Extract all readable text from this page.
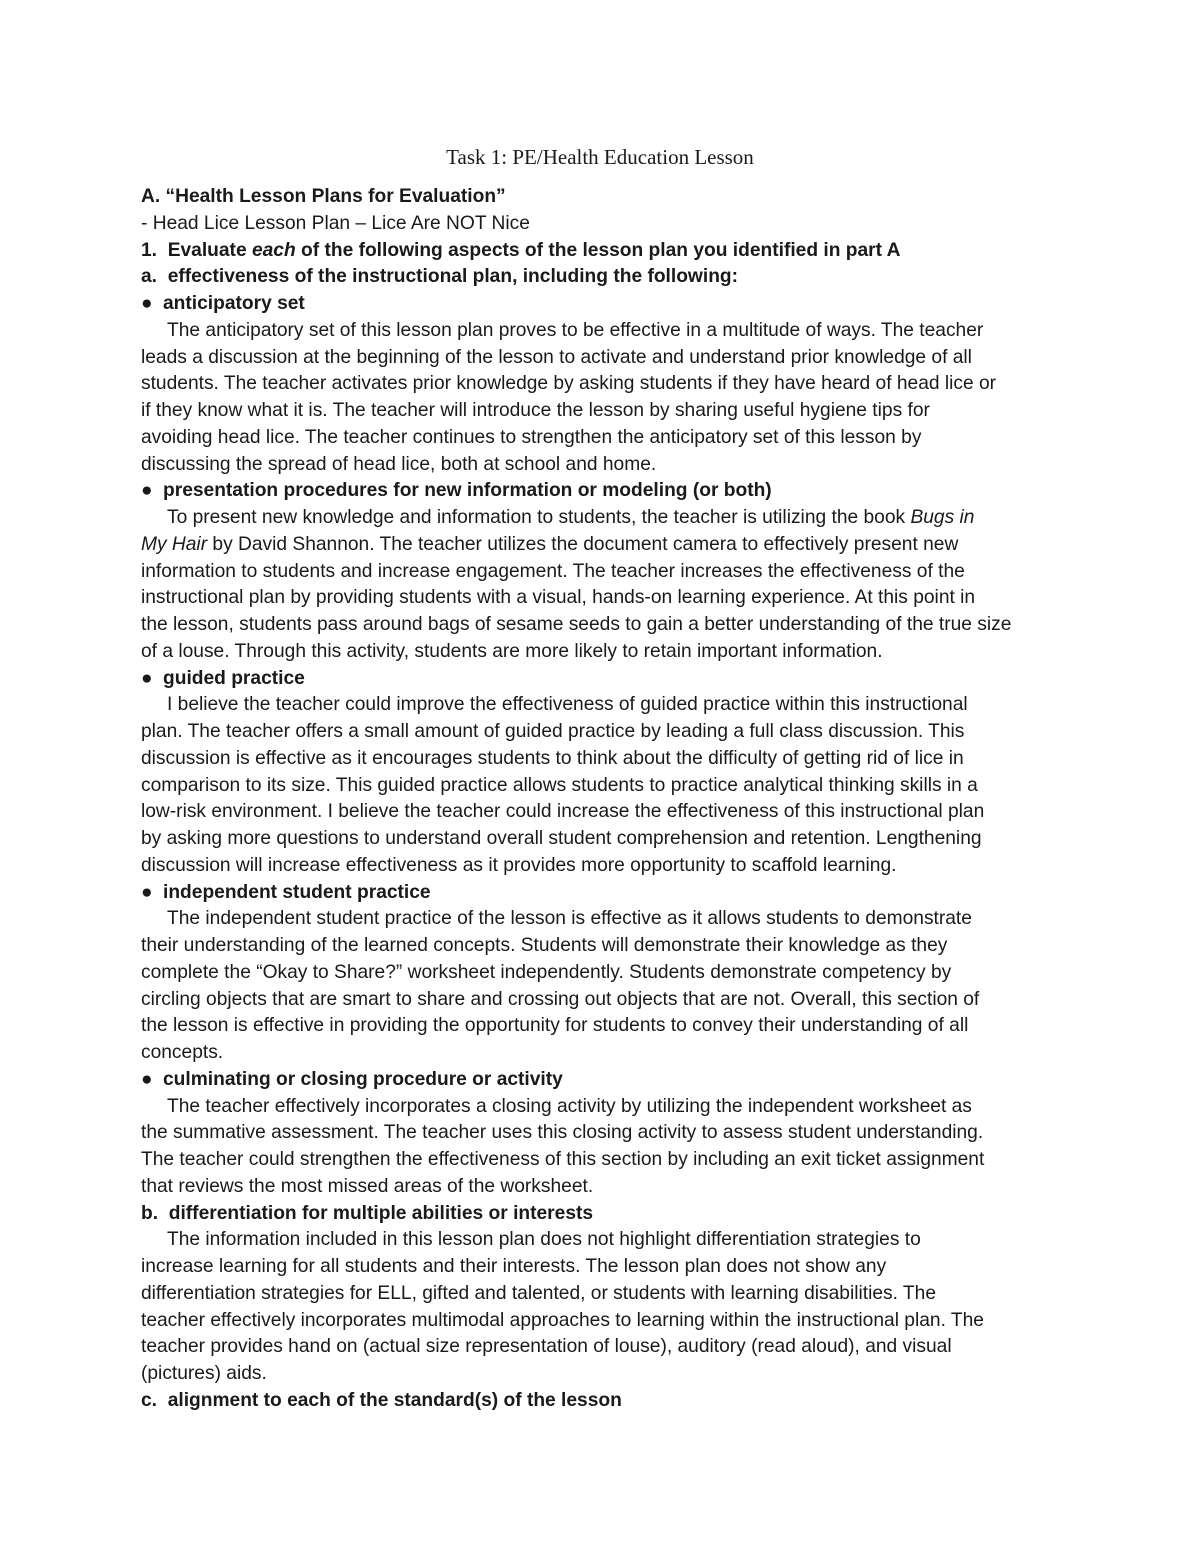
Task 1: PE/Health Education Lesson
A. “Health Lesson Plans for Evaluation”
- Head Lice Lesson Plan – Lice Are NOT Nice
1. Evaluate each of the following aspects of the lesson plan you identified in part A
a. effectiveness of the instructional plan, including the following:
● anticipatory set
The anticipatory set of this lesson plan proves to be effective in a multitude of ways. The teacher
leads a discussion at the beginning of the lesson to activate and understand prior knowledge of all
students. The teacher activates prior knowledge by asking students if they have heard of head lice or
if they know what it is. The teacher will introduce the lesson by sharing useful hygiene tips for
avoiding head lice. The teacher continues to strengthen the anticipatory set of this lesson by
discussing the spread of head lice, both at school and home.
● presentation procedures for new information or modeling (or both)
To present new knowledge and information to students, the teacher is utilizing the book Bugs in
My Hair by David Shannon. The teacher utilizes the document camera to effectively present new
information to students and increase engagement. The teacher increases the effectiveness of the
instructional plan by providing students with a visual, hands-on learning experience. At this point in
the lesson, students pass around bags of sesame seeds to gain a better understanding of the true size
of a louse. Through this activity, students are more likely to retain important information.
● guided practice
I believe the teacher could improve the effectiveness of guided practice within this instructional
plan. The teacher offers a small amount of guided practice by leading a full class discussion. This
discussion is effective as it encourages students to think about the difficulty of getting rid of lice in
comparison to its size. This guided practice allows students to practice analytical thinking skills in a
low-risk environment. I believe the teacher could increase the effectiveness of this instructional plan
by asking more questions to understand overall student comprehension and retention. Lengthening
discussion will increase effectiveness as it provides more opportunity to scaffold learning.
● independent student practice
The independent student practice of the lesson is effective as it allows students to demonstrate
their understanding of the learned concepts. Students will demonstrate their knowledge as they
complete the “Okay to Share?” worksheet independently. Students demonstrate competency by
circling objects that are smart to share and crossing out objects that are not. Overall, this section of
the lesson is effective in providing the opportunity for students to convey their understanding of all
concepts.
● culminating or closing procedure or activity
The teacher effectively incorporates a closing activity by utilizing the independent worksheet as
the summative assessment. The teacher uses this closing activity to assess student understanding.
The teacher could strengthen the effectiveness of this section by including an exit ticket assignment
that reviews the most missed areas of the worksheet.
b. differentiation for multiple abilities or interests
The information included in this lesson plan does not highlight differentiation strategies to
increase learning for all students and their interests. The lesson plan does not show any
differentiation strategies for ELL, gifted and talented, or students with learning disabilities. The
teacher effectively incorporates multimodal approaches to learning within the instructional plan. The
teacher provides hand on (actual size representation of louse), auditory (read aloud), and visual
(pictures) aids.
c. alignment to each of the standard(s) of the lesson
